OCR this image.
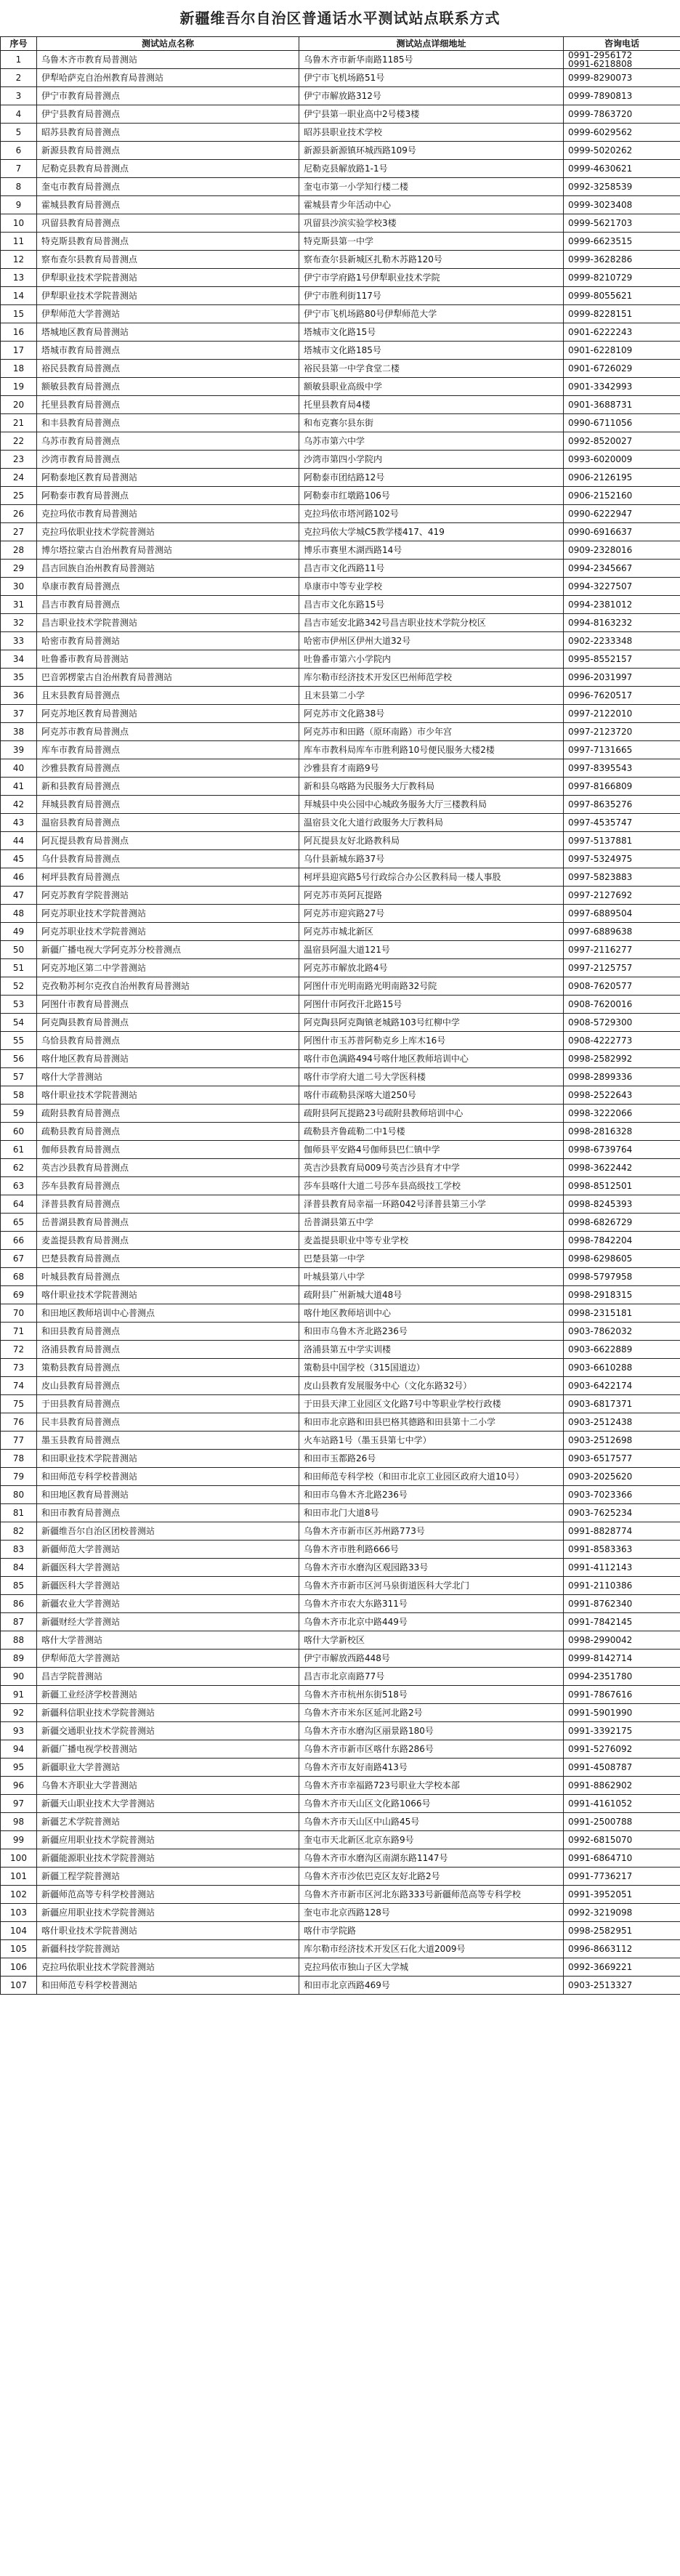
新疆维吾尔自治区普通话水平测试站点联系方式
序号	测试站点名称	测试站点详细地址	咨询电话
1	乌鲁木齐市教育局普测站	乌鲁木齐市新华南路1185号	0991-2956172
0991-6218808

2	伊犁哈萨克自治州教育局普测站	伊宁市飞机场路51号	0999-8290073

3	伊宁市教育局普测点	伊宁市解放路312号	0999-7890813

4	伊宁县教育局普测点	伊宁县第一职业高中2号楼3楼	0999-7863720

5	昭苏县教育局普测点	昭苏县职业技术学校	0999-6029562

6	新源县教育局普测点	新源县新源镇环城西路109号	0999-5020262

7	尼勒克县教育局普测点	尼勒克县解放路1-1号	0999-4630621

8	奎屯市教育局普测点	奎屯市第一小学知行楼二楼	0992-3258539

9	霍城县教育局普测点	霍城县青少年活动中心	0999-3023408

10	巩留县教育局普测点	巩留县沙滨实验学校3楼	0999-5621703

11	特克斯县教育局普测点	特克斯县第一中学	0999-6623515

12	察布查尔县教育局普测点	察布查尔县新城区扎勒木苏路120号	0999-3628286

13	伊犁职业技术学院普测站	伊宁市学府路1号伊犁职业技术学院	0999-8210729

14	伊犁职业技术学院普测站	伊宁市胜利街117号	0999-8055621

15	伊犁师范大学普测站	伊宁市飞机场路80号伊犁师范大学	0999-8228151

16	塔城地区教育局普测站	塔城市文化路15号	0901-6222243

17	塔城市教育局普测点	塔城市文化路185号	0901-6228109

18	裕民县教育局普测点	裕民县第一中学食堂二楼	0901-6726029

19	额敏县教育局普测点	额敏县职业高级中学	0901-3342993

20	托里县教育局普测点	托里县教育局4楼	0901-3688731

21	和丰县教育局普测点	和布克赛尔县东街	0990-6711056

22	乌苏市教育局普测点	乌苏市第六中学	0992-8520027

23	沙湾市教育局普测点	沙湾市第四小学院内	0993-6020009

24	阿勒泰地区教育局普测站	阿勒泰市团结路12号	0906-2126195

25	阿勒泰市教育局普测点	阿勒泰市红墩路106号	0906-2152160

26	克拉玛依市教育局普测站	克拉玛依市塔河路102号	0990-6222947

27	克拉玛依职业技术学院普测站	克拉玛依大学城C5教学楼417、419	0990-6916637

28	博尔塔拉蒙古自治州教育局普测站	博乐市赛里木湖西路14号	0909-2328016

29	昌吉回族自治州教育局普测站	昌吉市文化西路11号	0994-2345667

30	阜康市教育局普测点	阜康市中等专业学校	0994-3227507

31	昌吉市教育局普测点	昌吉市文化东路15号	0994-2381012

32	昌吉职业技术学院普测站	昌吉市延安北路342号昌吉职业技术学院分校区	0994-8163232

33	哈密市教育局普测站	哈密市伊州区伊州大道32号	0902-2233348

34	吐鲁番市教育局普测站	吐鲁番市第六小学院内	0995-8552157

35	巴音郭楞蒙古自治州教育局普测站	库尔勒市经济技术开发区巴州师范学校	0996-2031997

36	且末县教育局普测点	且末县第二小学	0996-7620517

37	阿克苏地区教育局普测站	阿克苏市文化路38号	0997-2122010

38	阿克苏市教育局普测点	阿克苏市和田路（原环南路）市少年宫	0997-2123720

39	库车市教育局普测点	库车市教科局库车市胜利路10号便民服务大楼2楼	0997-7131665

40	沙雅县教育局普测点	沙雅县育才南路9号	0997-8395543

41	新和县教育局普测点	新和县乌喀路为民服务大厅教科局	0997-8166809

42	拜城县教育局普测点	拜城县中央公园中心城政务服务大厅三楼教科局	0997-8635276

43	温宿县教育局普测点	温宿县文化大道行政服务大厅教科局	0997-4535747

44	阿瓦提县教育局普测点	阿瓦提县友好北路教科局	0997-5137881

45	乌什县教育局普测点	乌什县新城东路37号	0997-5324975

46	柯坪县教育局普测点	柯坪县迎宾路5号行政综合办公区教科局一楼人事股	0997-5823883

47	阿克苏教育学院普测站	阿克苏市英阿瓦提路	0997-2127692

48	阿克苏职业技术学院普测站	阿克苏市迎宾路27号	0997-6889504

49	阿克苏职业技术学院普测站	阿克苏市城北新区	0997-6889638

50	新疆广播电视大学阿克苏分校普测点	温宿县阿温大道121号	0997-2116277

51	阿克苏地区第二中学普测站	阿克苏市解放北路4号	0997-2125757

52	克孜勒苏柯尔克孜自治州教育局普测站	阿图什市光明南路光明南路32号院	0908-7620577

53	阿图什市教育局普测点	阿图什市阿孜汗北路15号	0908-7620016

54	阿克陶县教育局普测点	阿克陶县阿克陶镇老城路103号红柳中学	0908-5729300

55	乌恰县教育局普测点	阿图什市玉苏普阿勒克乡上库木16号	0908-4222773

56	喀什地区教育局普测站	喀什市色满路494号喀什地区教师培训中心	0998-2582992

57	喀什大学普测站	喀什市学府大道二号大学医科楼	0998-2899336

58	喀什职业技术学院普测站	喀什市疏勒县深喀大道250号	0998-2522643

59	疏附县教育局普测点	疏附县阿瓦提路23号疏附县教师培训中心	0998-3222066

60	疏勒县教育局普测点	疏勒县齐鲁疏勒二中1号楼	0998-2816328

61	伽师县教育局普测点	伽师县平安路4号伽师县巴仁镇中学	0998-6739764

62	英吉沙县教育局普测点	英吉沙县教育局009号英吉沙县育才中学	0998-3622442

63	莎车县教育局普测点	莎车县喀什大道二号莎车县高级技工学校	0998-8512501

64	泽普县教育局普测点	泽普县教育局幸福一环路042号泽普县第三小学	0998-8245393

65	岳普湖县教育局普测点	岳普湖县第五中学	0998-6826729

66	麦盖提县教育局普测点	麦盖提县职业中等专业学校	0998-7842204

67	巴楚县教育局普测点	巴楚县第一中学	0998-6298605

68	叶城县教育局普测点	叶城县第八中学	0998-5797958

69	喀什职业技术学院普测站	疏附县广州新城大道48号	0998-2918315

70	和田地区教师培训中心普测点	喀什地区教师培训中心	0998-2315181

71	和田县教育局普测点	和田市乌鲁木齐北路236号	0903-7862032

72	洛浦县教育局普测点	洛浦县第五中学实训楼	0903-6622889

73	策勒县教育局普测点	策勒县中国学校（315国道边）	0903-6610288

74	皮山县教育局普测点	皮山县教育发展服务中心（文化东路32号）	0903-6422174

75	于田县教育局普测点	于田县天津工业园区文化路7号中等职业学校行政楼	0903-6817371

76	民丰县教育局普测点	和田市北京路和田县巴格其德路和田县第十二小学	0903-2512438

77	墨玉县教育局普测点	火车站路1号（墨玉县第七中学）	0903-2512698

78	和田职业技术学院普测站	和田市玉都路26号	0903-6517577

79	和田师范专科学校普测站	和田师范专科学校（和田市北京工业园区政府大道10号）	0903-2025620

80	和田地区教育局普测站	和田市乌鲁木齐北路236号	0903-7023366

81	和田市教育局普测点	和田市北门大道8号	0903-7625234

82	新疆维吾尔自治区团校普测站	乌鲁木齐市新市区苏州路773号	0991-8828774

83	新疆师范大学普测站	乌鲁木齐市胜利路666号	0991-8583363

84	新疆医科大学普测站	乌鲁木齐市水磨沟区观园路33号	0991-4112143

85	新疆医科大学普测站	乌鲁木齐市新市区河马泉街道医科大学北门	0991-2110386

86	新疆农业大学普测站	乌鲁木齐市农大东路311号	0991-8762340

87	新疆财经大学普测站	乌鲁木齐市北京中路449号	0991-7842145

88	喀什大学普测站	喀什大学新校区	0998-2990042

89	伊犁师范大学普测站	伊宁市解放西路448号	0999-8142714

90	昌吉学院普测站	昌吉市北京南路77号	0994-2351780

91	新疆工业经济学校普测站	乌鲁木齐市杭州东街518号	0991-7867616

92	新疆科信职业技术学院普测站	乌鲁木齐市米东区延河北路2号	0991-5901990

93	新疆交通职业技术学院普测站	乌鲁木齐市水磨沟区丽景路180号	0991-3392175

94	新疆广播电视学校普测站	乌鲁木齐市新市区喀什东路286号	0991-5276092

95	新疆职业大学普测站	乌鲁木齐市友好南路413号	0991-4508787

96	乌鲁木齐职业大学普测站	乌鲁木齐市幸福路723号职业大学校本部	0991-8862902

97	新疆天山职业技术大学普测站	乌鲁木齐市天山区文化路1066号	0991-4161052

98	新疆艺术学院普测站	乌鲁木齐市天山区中山路45号	0991-2500788

99	新疆应用职业技术学院普测站	奎屯市天北新区北京东路9号	0992-6815070

100	新疆能源职业技术学院普测站	乌鲁木齐市水磨沟区南湖东路1147号	0991-6864710

101	新疆工程学院普测站	乌鲁木齐市沙依巴克区友好北路2号	0991-7736217

102	新疆师范高等专科学校普测站	乌鲁木齐市新市区河北东路333号新疆师范高等专科学校	0991-3952051

103	新疆应用职业技术学院普测站	奎屯市北京西路128号	0992-3219098

104	喀什职业技术学院普测站	喀什市学院路	0998-2582951

105	新疆科技学院普测站	库尔勒市经济技术开发区石化大道2009号	0996-8663112

106	克拉玛依职业技术学院普测站	克拉玛依市独山子区大学城	0992-3669221

107	和田师范专科学校普测站	和田市北京西路469号	0903-2513327
